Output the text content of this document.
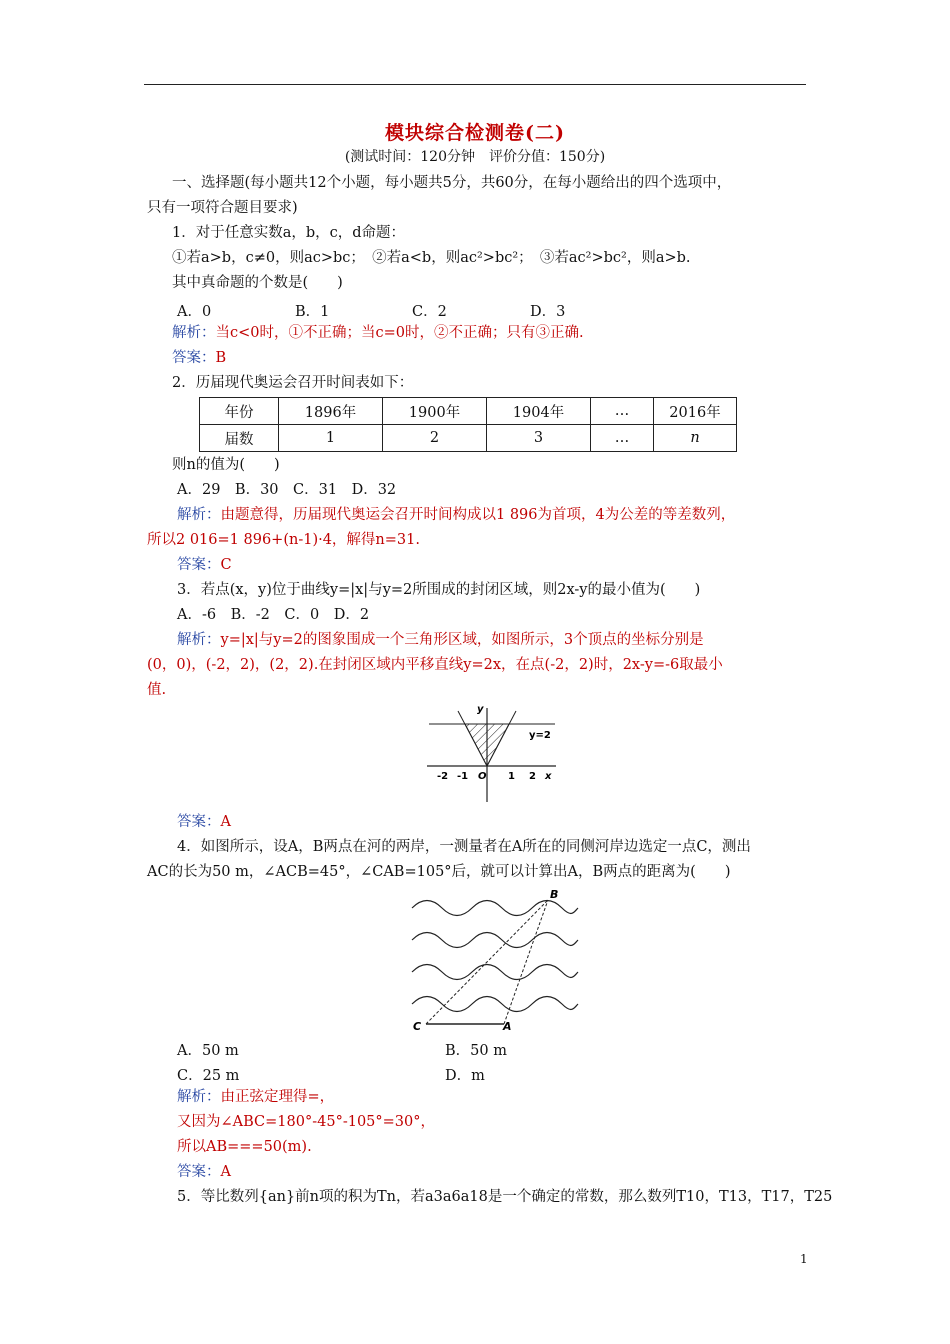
模块综合检测卷(二)
(测试时间：120分钟　评价分值：150分)
一、选择题(每小题共12个小题，每小题共5分，共60分，在每小题给出的四个选项中，
只有一项符合题目要求)
1．对于任意实数a，b，c，d命题：
①若a>b，c≠0，则ac>bc；　②若a<b，则ac²>bc²；　③若ac²>bc²，则a>b.
其中真命题的个数是(　　)
A．0	B．1	C．2	D．3
解析：当c<0时，①不正确；当c=0时，②不正确；只有③正确.
答案：B
2．历届现代奥运会召开时间表如下：
年份	1896年	1900年	1904年	…	2016年
届数	1	2	3	…	n
则n的值为(　　)
A．29　B．30　C．31　D．32
解析：由题意得，历届现代奥运会召开时间构成以1 896为首项，4为公差的等差数列，
所以2 016=1 896+(n-1)·4，解得n=31.
答案：C
3．若点(x，y)位于曲线y=|x|与y=2所围成的封闭区域，则2x-y的最小值为(　　)
A．-6　B．-2　C．0　D．2
解析：y=|x|与y=2的图象围成一个三角形区域，如图所示，3个顶点的坐标分别是
(0，0)，(-2，2)，(2，2).在封闭区域内平移直线y=2x，在点(-2，2)时，2x-y=-6取最小
值.
y
y=2
O
-2 -1	1 2 x
答案：A
4．如图所示，设A，B两点在河的两岸，一测量者在A所在的同侧河岸边选定一点C，测出
AC的长为50 m，∠ACB=45°，∠CAB=105°后，就可以计算出A，B两点的距离为(　　)
B
C	A
A．50 m	B．50 m
C．25 m	D．m
解析：由正弦定理得=，
又因为∠ABC=180°-45°-105°=30°，
所以AB===50(m).
答案：A
5．等比数列{an}前n项的积为Tn，若a3a6a18是一个确定的常数，那么数列T10，T13，T17，T25
1
